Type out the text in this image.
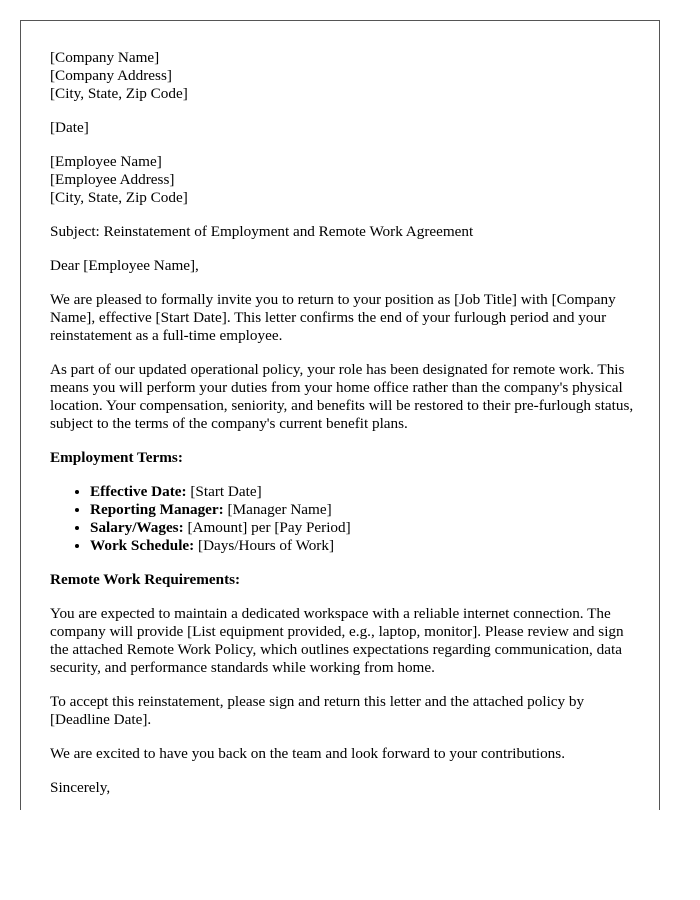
[Company Name]
[Company Address]
[City, State, Zip Code]
[Date]
[Employee Name]
[Employee Address]
[City, State, Zip Code]

Subject: Reinstatement of Employment and Remote Work Agreement

Dear [Employee Name],

We are pleased to formally invite you to return to your position as [Job Title] with [Company Name], effective [Start Date]. This letter confirms the end of your furlough period and your reinstatement as a full-time employee.

As part of our updated operational policy, your role has been designated for remote work. This means you will perform your duties from your home office rather than the company's physical location. Your compensation, seniority, and benefits will be restored to their pre-furlough status, subject to the terms of the company's current benefit plans.

Employment Terms:

• Effective Date: [Start Date]
• Reporting Manager: [Manager Name]
• Salary/Wages: [Amount] per [Pay Period]
• Work Schedule: [Days/Hours of Work]

Remote Work Requirements:

You are expected to maintain a dedicated workspace with a reliable internet connection. The company will provide [List equipment provided, e.g., laptop, monitor]. Please review and sign the attached Remote Work Policy, which outlines expectations regarding communication, data security, and performance standards while working from home.

To accept this reinstatement, please sign and return this letter and the attached policy by [Deadline Date].

We are excited to have you back on the team and look forward to your contributions.

Sincerely,
